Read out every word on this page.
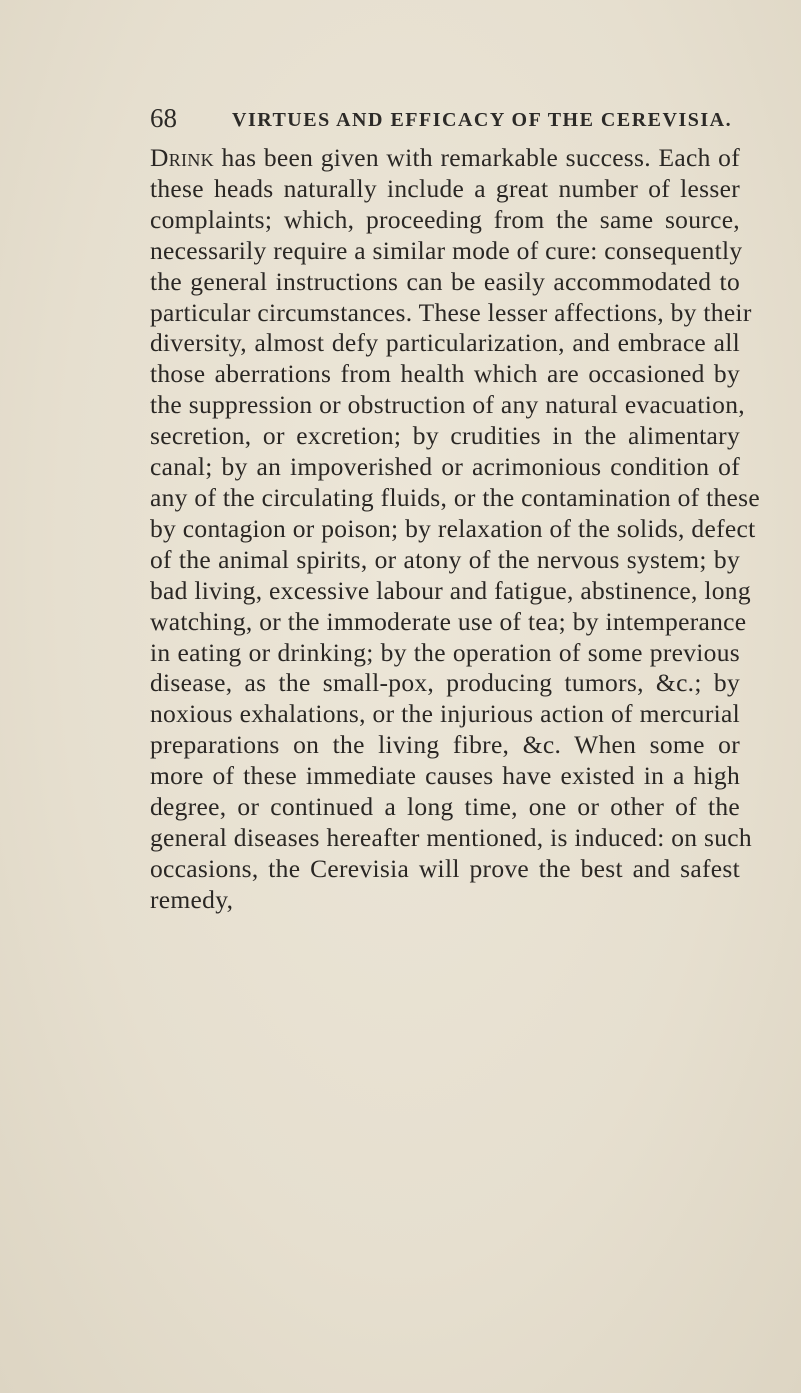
68	VIRTUES AND EFFICACY OF THE CEREVISIA.
Drink has been given with remarkable success. Each of
these heads naturally include a great number of lesser
complaints; which, proceeding from the same source,
necessarily require a similar mode of cure: consequently
the general instructions can be easily accommodated to
particular circumstances. These lesser affections, by their
diversity, almost defy particularization, and embrace all
those aberrations from health which are occasioned by
the suppression or obstruction of any natural evacuation,
secretion, or excretion; by crudities in the alimentary
canal; by an impoverished or acrimonious condition of
any of the circulating fluids, or the contamination of these
by contagion or poison; by relaxation of the solids, defect
of the animal spirits, or atony of the nervous system; by
bad living, excessive labour and fatigue, abstinence, long
watching, or the immoderate use of tea; by intemperance
in eating or drinking; by the operation of some previous
disease, as the small-pox, producing tumors, &c.; by
noxious exhalations, or the injurious action of mercurial
preparations on the living fibre, &c. When some or
more of these immediate causes have existed in a high
degree, or continued a long time, one or other of the
general diseases hereafter mentioned, is induced: on such
occasions, the Cerevisia will prove the best and safest
remedy,
